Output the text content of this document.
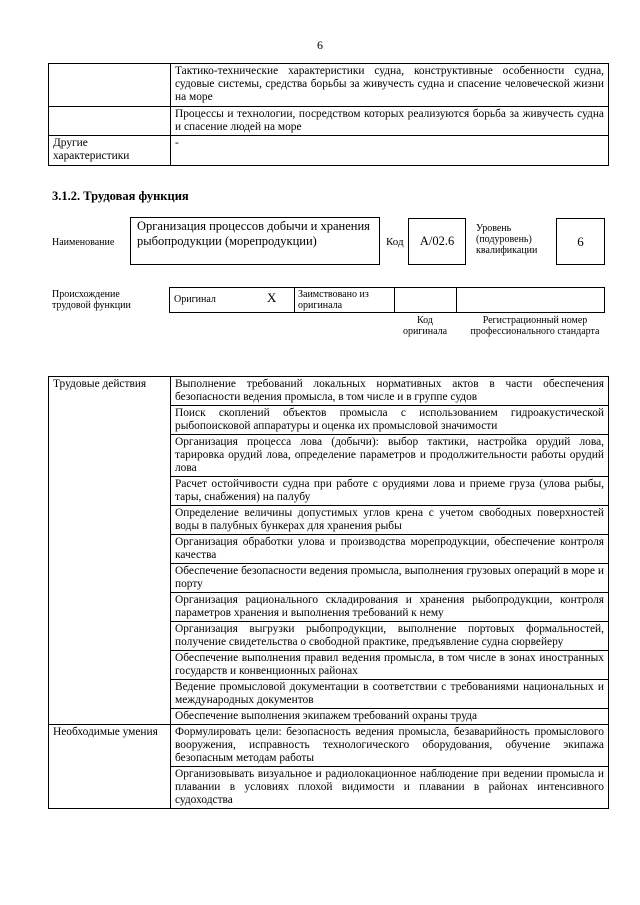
6
	Тактико-технические характеристики судна, конструктивные особенности судна, судовые системы, средства борьбы за живучесть судна и спасение человеческой жизни на море
	Процессы и технологии, посредством которых реализуются борьба за живучесть судна и спасение людей на море
Другие характеристики	-
3.1.2. Трудовая функция
Наименование
Организация процессов добычи и хранения рыбопродукции (морепродукции)	Код	A/02.6
Уровень (подуровень) квалификации
6
Происхождение трудовой функции
Оригинал	X Заимствовано из оригинала
Код оригинала
Регистрационный номер профессионального стандарта
Трудовые действия	Выполнение требований локальных нормативных актов в части обеспечения безопасности ведения промысла, в том числе и в группе судов
	Поиск скоплений объектов промысла с использованием гидроакустической рыбопоисковой аппаратуры и оценка их промысловой значимости
	Организация процесса лова (добычи): выбор тактики, настройка орудий лова, тарировка орудий лова, определение параметров и продолжительности работы орудий лова
	Расчет остойчивости судна при работе с орудиями лова и приеме груза (улова рыбы, тары, снабжения) на палубу
	Определение величины допустимых углов крена с учетом свободных поверхностей воды в палубных бункерах для хранения рыбы
	Организация обработки улова и производства морепродукции, обеспечение контроля качества
	Обеспечение безопасности ведения промысла, выполнения грузовых операций в море и порту
	Организация рационального складирования и хранения рыбопродукции, контроля параметров хранения и выполнения требований к нему
	Организация выгрузки рыбопродукции, выполнение портовых формальностей, получение свидетельства о свободной практике, предъявление судна сюрвейеру
	Обеспечение выполнения правил ведения промысла, в том числе в зонах иностранных государств и конвенционных районах
	Ведение промысловой документации в соответствии с требованиями национальных и международных документов
	Обеспечение выполнения экипажем требований охраны труда
Необходимые умения	Формулировать цели: безопасность ведения промысла, безаварийность промыслового вооружения, исправность технологического оборудования, обучение экипажа безопасным методам работы
	Организовывать визуальное и радиолокационное наблюдение при ведении промысла и плавании в условиях плохой видимости и плавании в районах интенсивного судоходства
